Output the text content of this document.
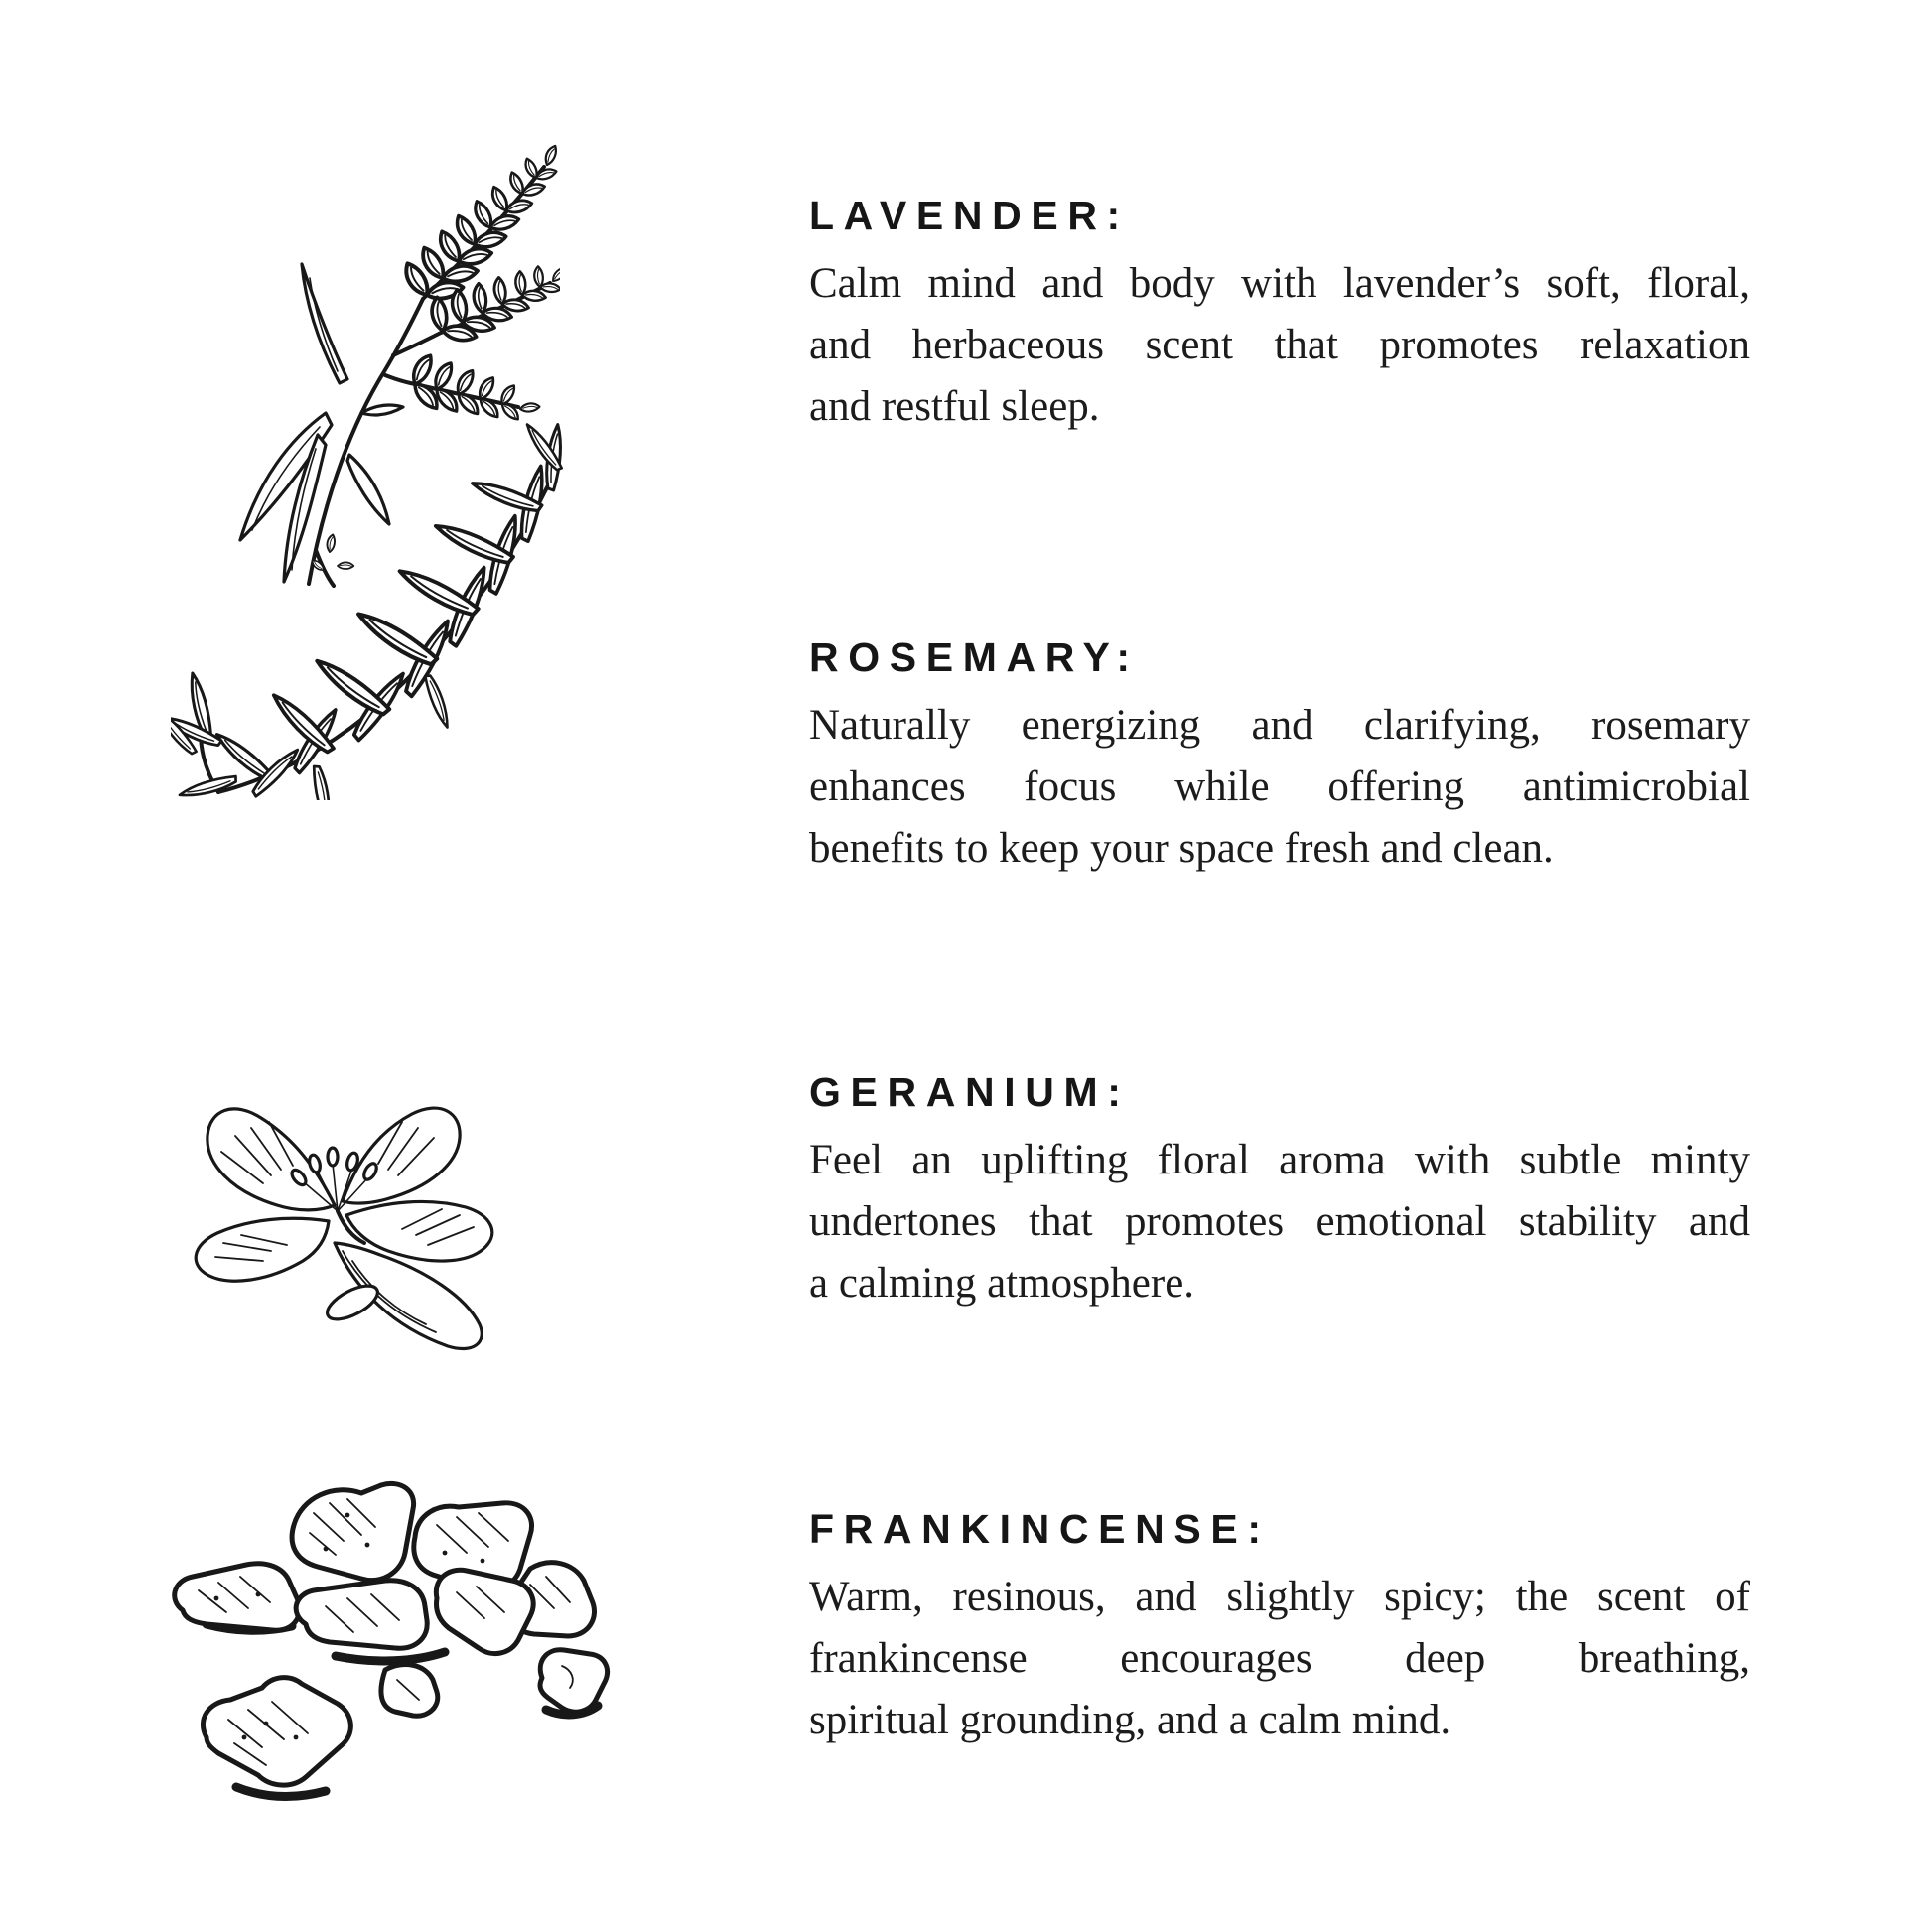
LAVENDER:
Calm mind and body with lavender’s soft, floral,
and herbaceous scent that promotes relaxation
and restful sleep.
ROSEMARY:
Naturally energizing and clarifying, rosemary
enhances focus while offering antimicrobial
benefits to keep your space fresh and clean.
GERANIUM:
Feel an uplifting floral aroma with subtle minty
undertones that promotes emotional stability and
a calming atmosphere.
FRANKINCENSE:
Warm, resinous, and slightly spicy; the scent of
frankincense encourages deep breathing,
spiritual grounding, and a calm mind.
